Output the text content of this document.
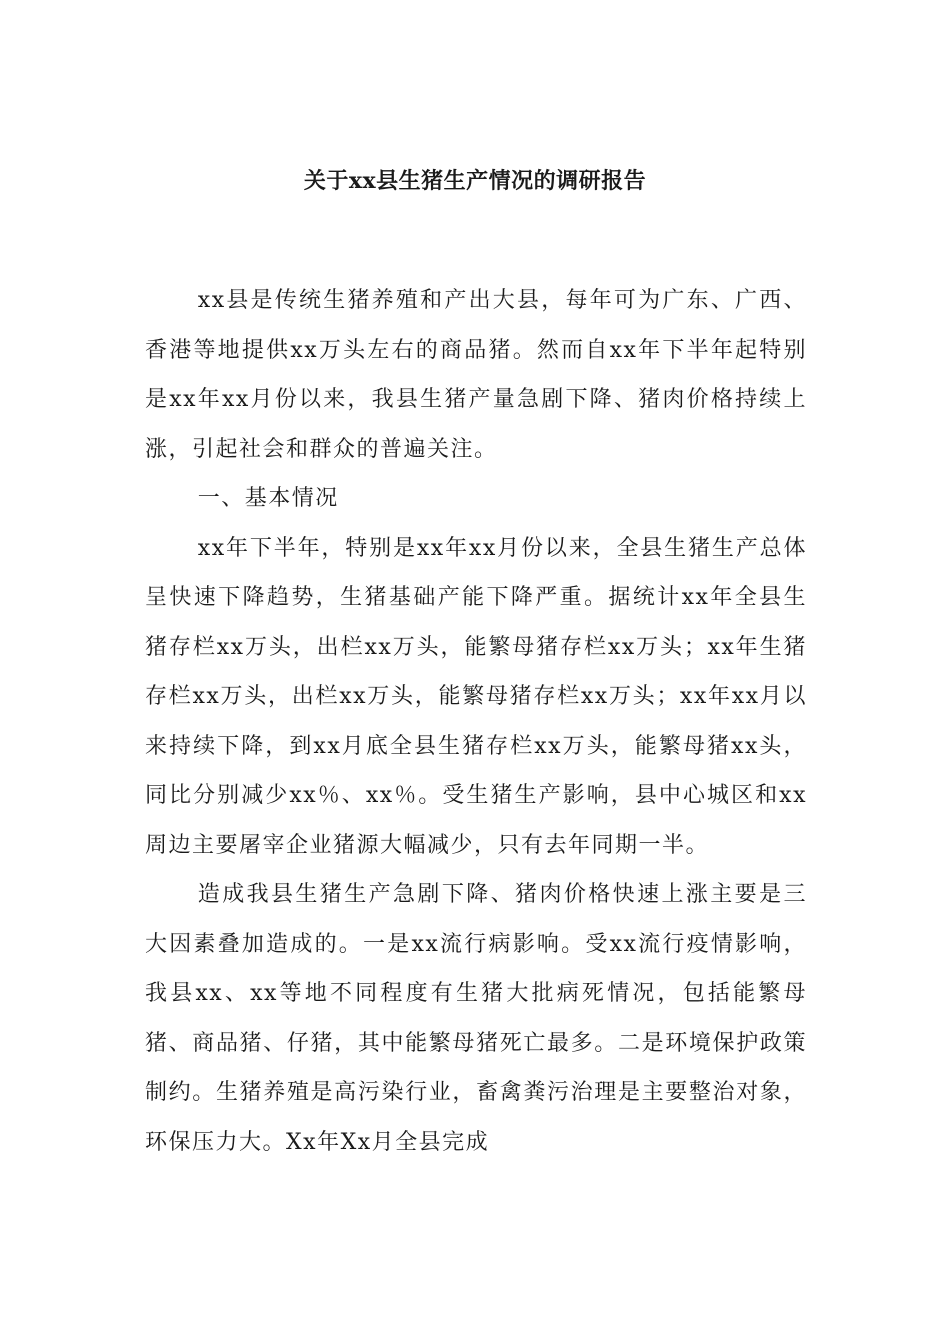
关于xx县生猪生产情况的调研报告

xx县是传统生猪养殖和产出大县，每年可为广东、广西、香港等地提供xx万头左右的商品猪。然而自xx年下半年起特别是xx年xx月份以来，我县生猪产量急剧下降、猪肉价格持续上涨，引起社会和群众的普遍关注。

一、基本情况

xx年下半年，特别是xx年xx月份以来，全县生猪生产总体呈快速下降趋势，生猪基础产能下降严重。据统计xx年全县生猪存栏xx万头，出栏xx万头，能繁母猪存栏xx万头；xx年生猪存栏xx万头，出栏xx万头，能繁母猪存栏xx万头；xx年xx月以来持续下降，到xx月底全县生猪存栏xx万头，能繁母猪xx头，同比分别减少xx％、xx％。受生猪生产影响，县中心城区和xx周边主要屠宰企业猪源大幅减少，只有去年同期一半。

造成我县生猪生产急剧下降、猪肉价格快速上涨主要是三大因素叠加造成的。一是xx流行病影响。受xx流行疫情影响，我县xx、xx等地不同程度有生猪大批病死情况，包括能繁母猪、商品猪、仔猪，其中能繁母猪死亡最多。二是环境保护政策制约。生猪养殖是高污染行业，畜禽粪污治理是主要整治对象，环保压力大。Xx年Xx月全县完成
